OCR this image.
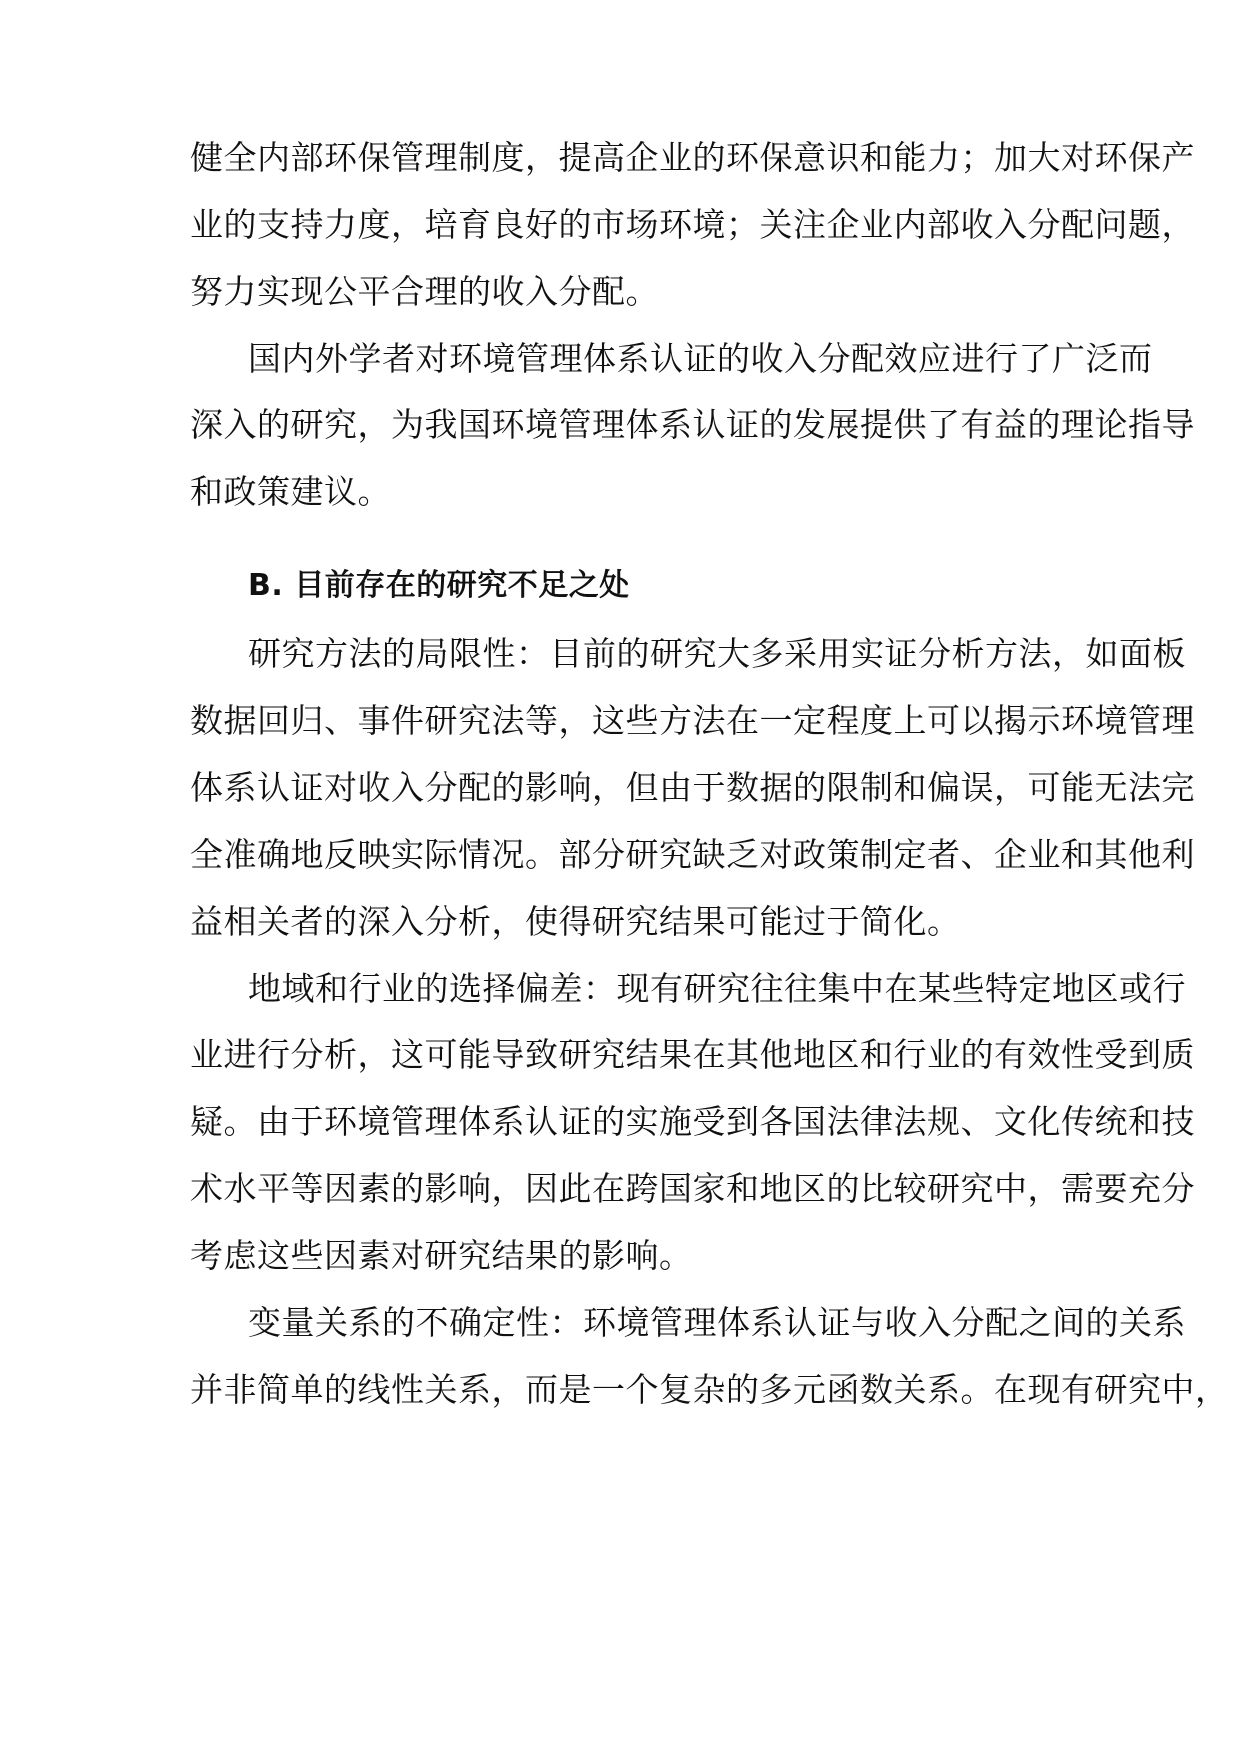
健全内部环保管理制度，提高企业的环保意识和能力；加大对环保产
业的支持力度，培育良好的市场环境；关注企业内部收入分配问题，
努力实现公平合理的收入分配。
国内外学者对环境管理体系认证的收入分配效应进行了广泛而
深入的研究，为我国环境管理体系认证的发展提供了有益的理论指导
和政策建议。
B. 目前存在的研究不足之处
研究方法的局限性：目前的研究大多采用实证分析方法，如面板
数据回归、事件研究法等，这些方法在一定程度上可以揭示环境管理
体系认证对收入分配的影响，但由于数据的限制和偏误，可能无法完
全准确地反映实际情况。部分研究缺乏对政策制定者、企业和其他利
益相关者的深入分析，使得研究结果可能过于简化。
地域和行业的选择偏差：现有研究往往集中在某些特定地区或行
业进行分析，这可能导致研究结果在其他地区和行业的有效性受到质
疑。由于环境管理体系认证的实施受到各国法律法规、文化传统和技
术水平等因素的影响，因此在跨国家和地区的比较研究中，需要充分
考虑这些因素对研究结果的影响。
变量关系的不确定性：环境管理体系认证与收入分配之间的关系
并非简单的线性关系，而是一个复杂的多元函数关系。在现有研究中，
